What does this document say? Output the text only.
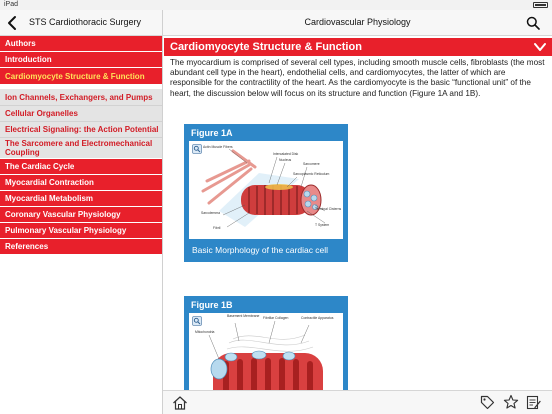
iPad
STS Cardiothoracic Surgery	Cardiovascular Physiology
Authors
Introduction
Cardiomyocyte Structure & Function
Ion Channels, Exchangers, and Pumps
Cellular Organelles
Electrical Signaling: the Action Potential
The Sarcomere and Electromechanical Coupling
The Cardiac Cycle
Myocardial Contraction
Myocardial Metabolism
Coronary Vascular Physiology
Pulmonary Vascular Physiology
References
Cardiomyocyte Structure & Function

The myocardium is comprised of several cell types, including smooth muscle cells, fibroblasts (the most abundant cell type in the heart), endothelial cells, and cardiomyocytes, the latter of which are responsible for the contractility of the heart. As the cardiomyocyte is the basic “functional unit” of the heart, the discussion below will focus on its structure and function (Figure 1A and 1B).

Figure 1A
Actin Muscle Fibers
Intercalated Disk
Nucleus
Sarcomere
Sarcoplasmic Reticulum
Sarcolemma
Fibril
Terminal Cisterns
T System
Basic Morphology of the cardiac cell
Figure 1B
Basement Membrane Fibrillar Collagen	Contractile Apparatus
Mitochondria
